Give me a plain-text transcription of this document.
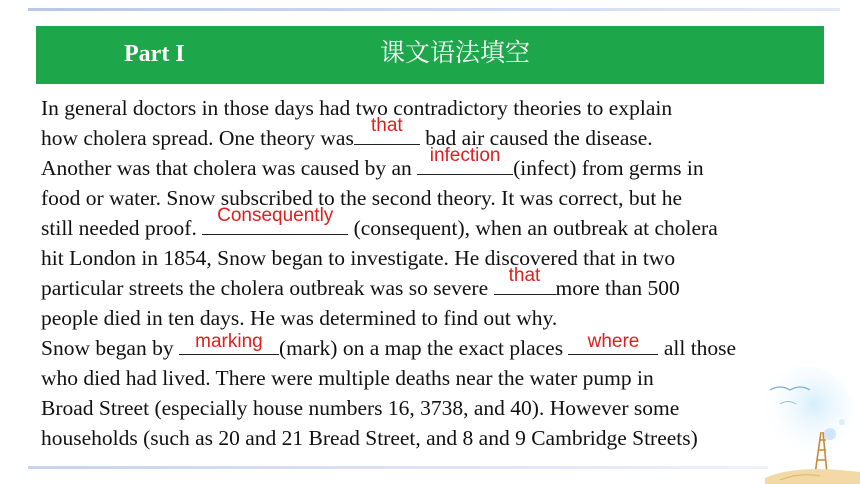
Part I	课文语法填空

In general doctors in those days had two contradictory theories to explain
how cholera spread. One theory was
that
bad air caused the disease.
Another was that cholera was caused by an
infection
(infect) from germs in
food or water. Snow subscribed to the second theory. It was correct, but he
still needed proof.
Consequently
(consequent), when an outbreak at cholera
hit London in 1854, Snow began to investigate. He discovered that in two
particular streets the cholera outbreak was so severe
that
more than 500
people died in ten days. He was determined to find out why.
Snow began by marking (mark) on a map the exact places	where all those
who died had lived. There were multiple deaths near the water pump in
Broad Street (especially house numbers 16, 3738, and 40). However some
households (such as 20 and 21 Bread Street, and 8 and 9 Cambridge Streets)
